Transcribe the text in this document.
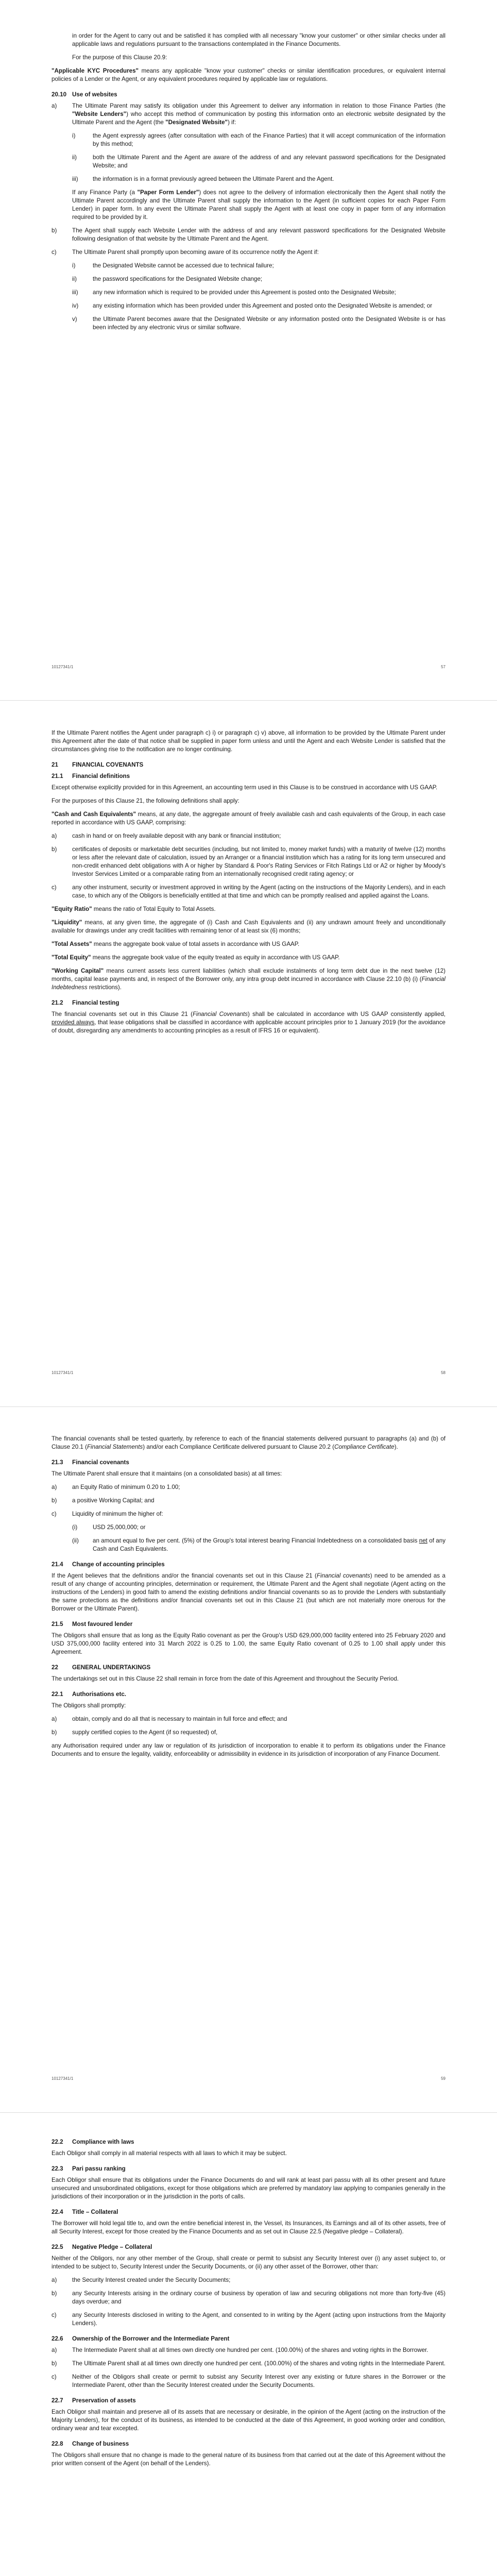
in order for the Agent to carry out and be satisfied it has complied with all necessary "know your customer" or other similar checks under all applicable laws and regulations pursuant to the transactions contemplated in the Finance Documents.

For the purpose of this Clause 20.9:

"Applicable KYC Procedures" means any applicable "know your customer" checks or similar identification procedures, or equivalent internal policies of a Lender or the Agent, or any equivalent procedures required by applicable law or regulations.

20.10 Use of websites
a)	The Ultimate Parent may satisfy its obligation under this Agreement to deliver any information in relation to those Finance Parties (the "Website Lenders") who accept this method of communication by posting this information onto an electronic website designated by the Ultimate Parent and the Agent (the "Designated Website") if:
i)	the Agent expressly agrees (after consultation with each of the Finance Parties) that it will accept communication of the information by this method;
ii)	both the Ultimate Parent and the Agent are aware of the address of and any relevant password specifications for the Designated Website; and
iii)	the information is in a format previously agreed between the Ultimate Parent and the Agent.

If any Finance Party (a "Paper Form Lender") does not agree to the delivery of information electronically then the Agent shall notify the Ultimate Parent accordingly and the Ultimate Parent shall supply the information to the Agent (in sufficient copies for each Paper Form Lender) in paper form. In any event the Ultimate Parent shall supply the Agent with at least one copy in paper form of any information required to be provided by it.

b)	The Agent shall supply each Website Lender with the address of and any relevant password specifications for the Designated Website following designation of that website by the Ultimate Parent and the Agent.
c)	The Ultimate Parent shall promptly upon becoming aware of its occurrence notify the Agent if:
i)	the Designated Website cannot be accessed due to technical failure;
ii)	the password specifications for the Designated Website change;
iii)	any new information which is required to be provided under this Agreement is posted onto the Designated Website;
iv)	any existing information which has been provided under this Agreement and posted onto the Designated Website is amended; or
v)	the Ultimate Parent becomes aware that the Designated Website or any information posted onto the Designated Website is or has been infected by any electronic virus or similar software.
10127341/1	57

If the Ultimate Parent notifies the Agent under paragraph c) i) or paragraph c) v) above, all information to be provided by the Ultimate Parent under this Agreement after the date of that notice shall be supplied in paper form unless and until the Agent and each Website Lender is satisfied that the circumstances giving rise to the notification are no longer continuing.

21	FINANCIAL COVENANTS
21.1	Financial definitions

Except otherwise explicitly provided for in this Agreement, an accounting term used in this Clause is to be construed in accordance with US GAAP.

For the purposes of this Clause 21, the following definitions shall apply:

"Cash and Cash Equivalents" means, at any date, the aggregate amount of freely available cash and cash equivalents of the Group, in each case reported in accordance with US GAAP, comprising:

a)	cash in hand or on freely available deposit with any bank or financial institution;
b)	certificates of deposits or marketable debt securities (including, but not limited to, money market funds) with a maturity of twelve (12) months or less after the relevant date of calculation, issued by an Arranger or a financial institution which has a rating for its long term unsecured and non-credit enhanced debt obligations with A or higher by Standard & Poor's Rating Services or Fitch Ratings Ltd or A2 or higher by Moody's Investor Services Limited or a comparable rating from an internationally recognised credit rating agency; or
c)	any other instrument, security or investment approved in writing by the Agent (acting on the instructions of the Majority Lenders), and in each case, to which any of the Obligors is beneficially entitled at that time and which can be promptly realised and applied against the Loans.

"Equity Ratio" means the ratio of Total Equity to Total Assets.

"Liquidity" means, at any given time, the aggregate of (i) Cash and Cash Equivalents and (ii) any undrawn amount freely and unconditionally available for drawings under any credit facilities with remaining tenor of at least six (6) months;

"Total Assets" means the aggregate book value of total assets in accordance with US GAAP.

"Total Equity" means the aggregate book value of the equity treated as equity in accordance with US GAAP.

"Working Capital" means current assets less current liabilities (which shall exclude instalments of long term debt due in the next twelve (12) months, capital lease payments and, in respect of the Borrower only, any intra group debt incurred in accordance with Clause 22.10 (b) (i) (Financial Indebtedness restrictions).

21.2	Financial testing

The financial covenants set out in this Clause 21 (Financial Covenants) shall be calculated in accordance with US GAAP consistently applied, provided always, that lease obligations shall be classified in accordance with applicable account principles prior to 1 January 2019 (for the avoidance of doubt, disregarding any amendments to accounting principles as a result of IFRS 16 or equivalent).

10127341/1	58

The financial covenants shall be tested quarterly, by reference to each of the financial statements delivered pursuant to paragraphs (a) and (b) of Clause 20.1 (Financial Statements) and/or each Compliance Certificate delivered pursuant to Clause 20.2 (Compliance Certificate).

21.3	Financial covenants

The Ultimate Parent shall ensure that it maintains (on a consolidated basis) at all times:

a)	an Equity Ratio of minimum 0.20 to 1.00;
b)	a positive Working Capital; and
c)	Liquidity of minimum the higher of:
(i)	USD 25,000,000; or
(ii)	an amount equal to five per cent. (5%) of the Group's total interest bearing Financial Indebtedness on a consolidated basis net of any Cash and Cash Equivalents.
21.4	Change of accounting principles

If the Agent believes that the definitions and/or the financial covenants set out in this Clause 21 (Financial covenants) need to be amended as a result of any change of accounting principles, determination or requirement, the Ultimate Parent and the Agent shall negotiate (Agent acting on the instructions of the Lenders) in good faith to amend the existing definitions and/or financial covenants so as to provide the Lenders with substantially the same protections as the definitions and/or financial covenants set out in this Clause 21 (but which are not materially more onerous for the Borrower or the Ultimate Parent).

21.5	Most favoured lender

The Obligors shall ensure that as long as the Equity Ratio covenant as per the Group's USD 629,000,000 facility entered into 25 February 2020 and USD 375,000,000 facility entered into 31 March 2022 is 0.25 to 1.00, the same Equity Ratio covenant of 0.25 to 1.00 shall apply under this Agreement.

22	GENERAL UNDERTAKINGS

The undertakings set out in this Clause 22 shall remain in force from the date of this Agreement and throughout the Security Period.

22.1	Authorisations etc.

The Obligors shall promptly:

a)	obtain, comply and do all that is necessary to maintain in full force and effect; and
b)	supply certified copies to the Agent (if so requested) of,

any Authorisation required under any law or regulation of its jurisdiction of incorporation to enable it to perform its obligations under the Finance Documents and to ensure the legality, validity, enforceability or admissibility in evidence in its jurisdiction of incorporation of any Finance Document.

10127341/1	59
22.2	Compliance with laws

Each Obligor shall comply in all material respects with all laws to which it may be subject.

22.3	Pari passu ranking

Each Obligor shall ensure that its obligations under the Finance Documents do and will rank at least pari passu with all its other present and future unsecured and unsubordinated obligations, except for those obligations which are preferred by mandatory law applying to companies generally in the jurisdictions of their incorporation or in the jurisdiction in the ports of calls.

22.4	Title – Collateral

The Borrower will hold legal title to, and own the entire beneficial interest in, the Vessel, its Insurances, its Earnings and all of its other assets, free of all Security Interest, except for those created by the Finance Documents and as set out in Clause 22.5 (Negative pledge – Collateral).

22.5	Negative Pledge – Collateral

Neither of the Obligors, nor any other member of the Group, shall create or permit to subsist any Security Interest over (i) any asset subject to, or intended to be subject to, Security Interest under the Security Documents, or (ii) any other asset of the Borrower, other than:

a)	the Security Interest created under the Security Documents;
b)	any Security Interests arising in the ordinary course of business by operation of law and securing obligations not more than forty-five (45) days overdue; and
c)	any Security Interests disclosed in writing to the Agent, and consented to in writing by the Agent (acting upon instructions from the Majority Lenders).
22.6	Ownership of the Borrower and the Intermediate Parent
a)	The Intermediate Parent shall at all times own directly one hundred per cent. (100.00%) of the shares and voting rights in the Borrower.
b)	The Ultimate Parent shall at all times own directly one hundred per cent. (100.00%) of the shares and voting rights in the Intermediate Parent.
c)	Neither of the Obligors shall create or permit to subsist any Security Interest over any existing or future shares in the Borrower or the Intermediate Parent, other than the Security Interest created under the Security Documents.
22.7	Preservation of assets

Each Obligor shall maintain and preserve all of its assets that are necessary or desirable, in the opinion of the Agent (acting on the instruction of the Majority Lenders), for the conduct of its business, as intended to be conducted at the date of this Agreement, in good working order and condition, ordinary wear and tear excepted.

22.8	Change of business

The Obligors shall ensure that no change is made to the general nature of its business from that carried out at the date of this Agreement without the prior written consent of the Agent (on behalf of the Lenders).
